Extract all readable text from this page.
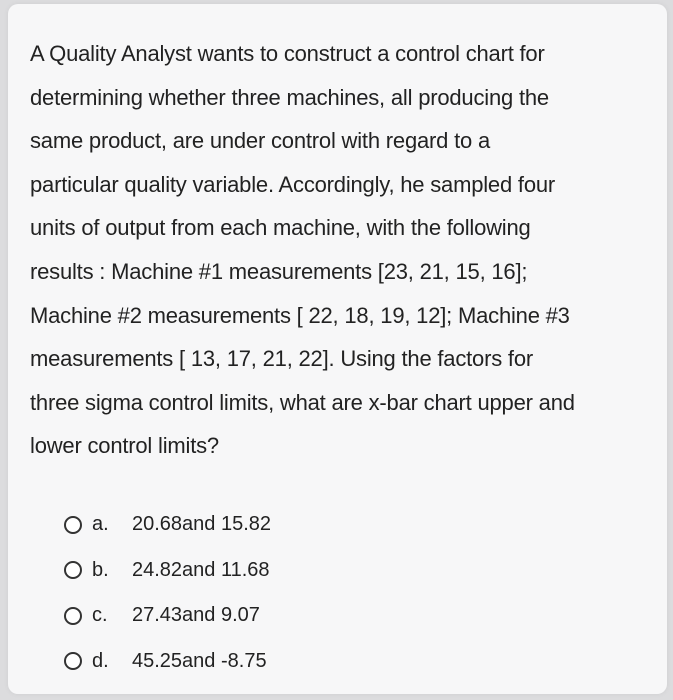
A Quality Analyst wants to construct a control chart for
determining whether three machines, all producing the
same product, are under control with regard to a
particular quality variable. Accordingly, he sampled four
units of output from each machine, with the following
results : Machine #1 measurements [23, 21, 15, 16];
Machine #2 measurements [ 22, 18, 19, 12]; Machine #3
measurements [ 13, 17, 21, 22]. Using the factors for
three sigma control limits, what are x-bar chart upper and
lower control limits?

a.	20.68and 15.82
b.	24.82and 11.68
c.	27.43and 9.07
d.	45.25and -8.75
